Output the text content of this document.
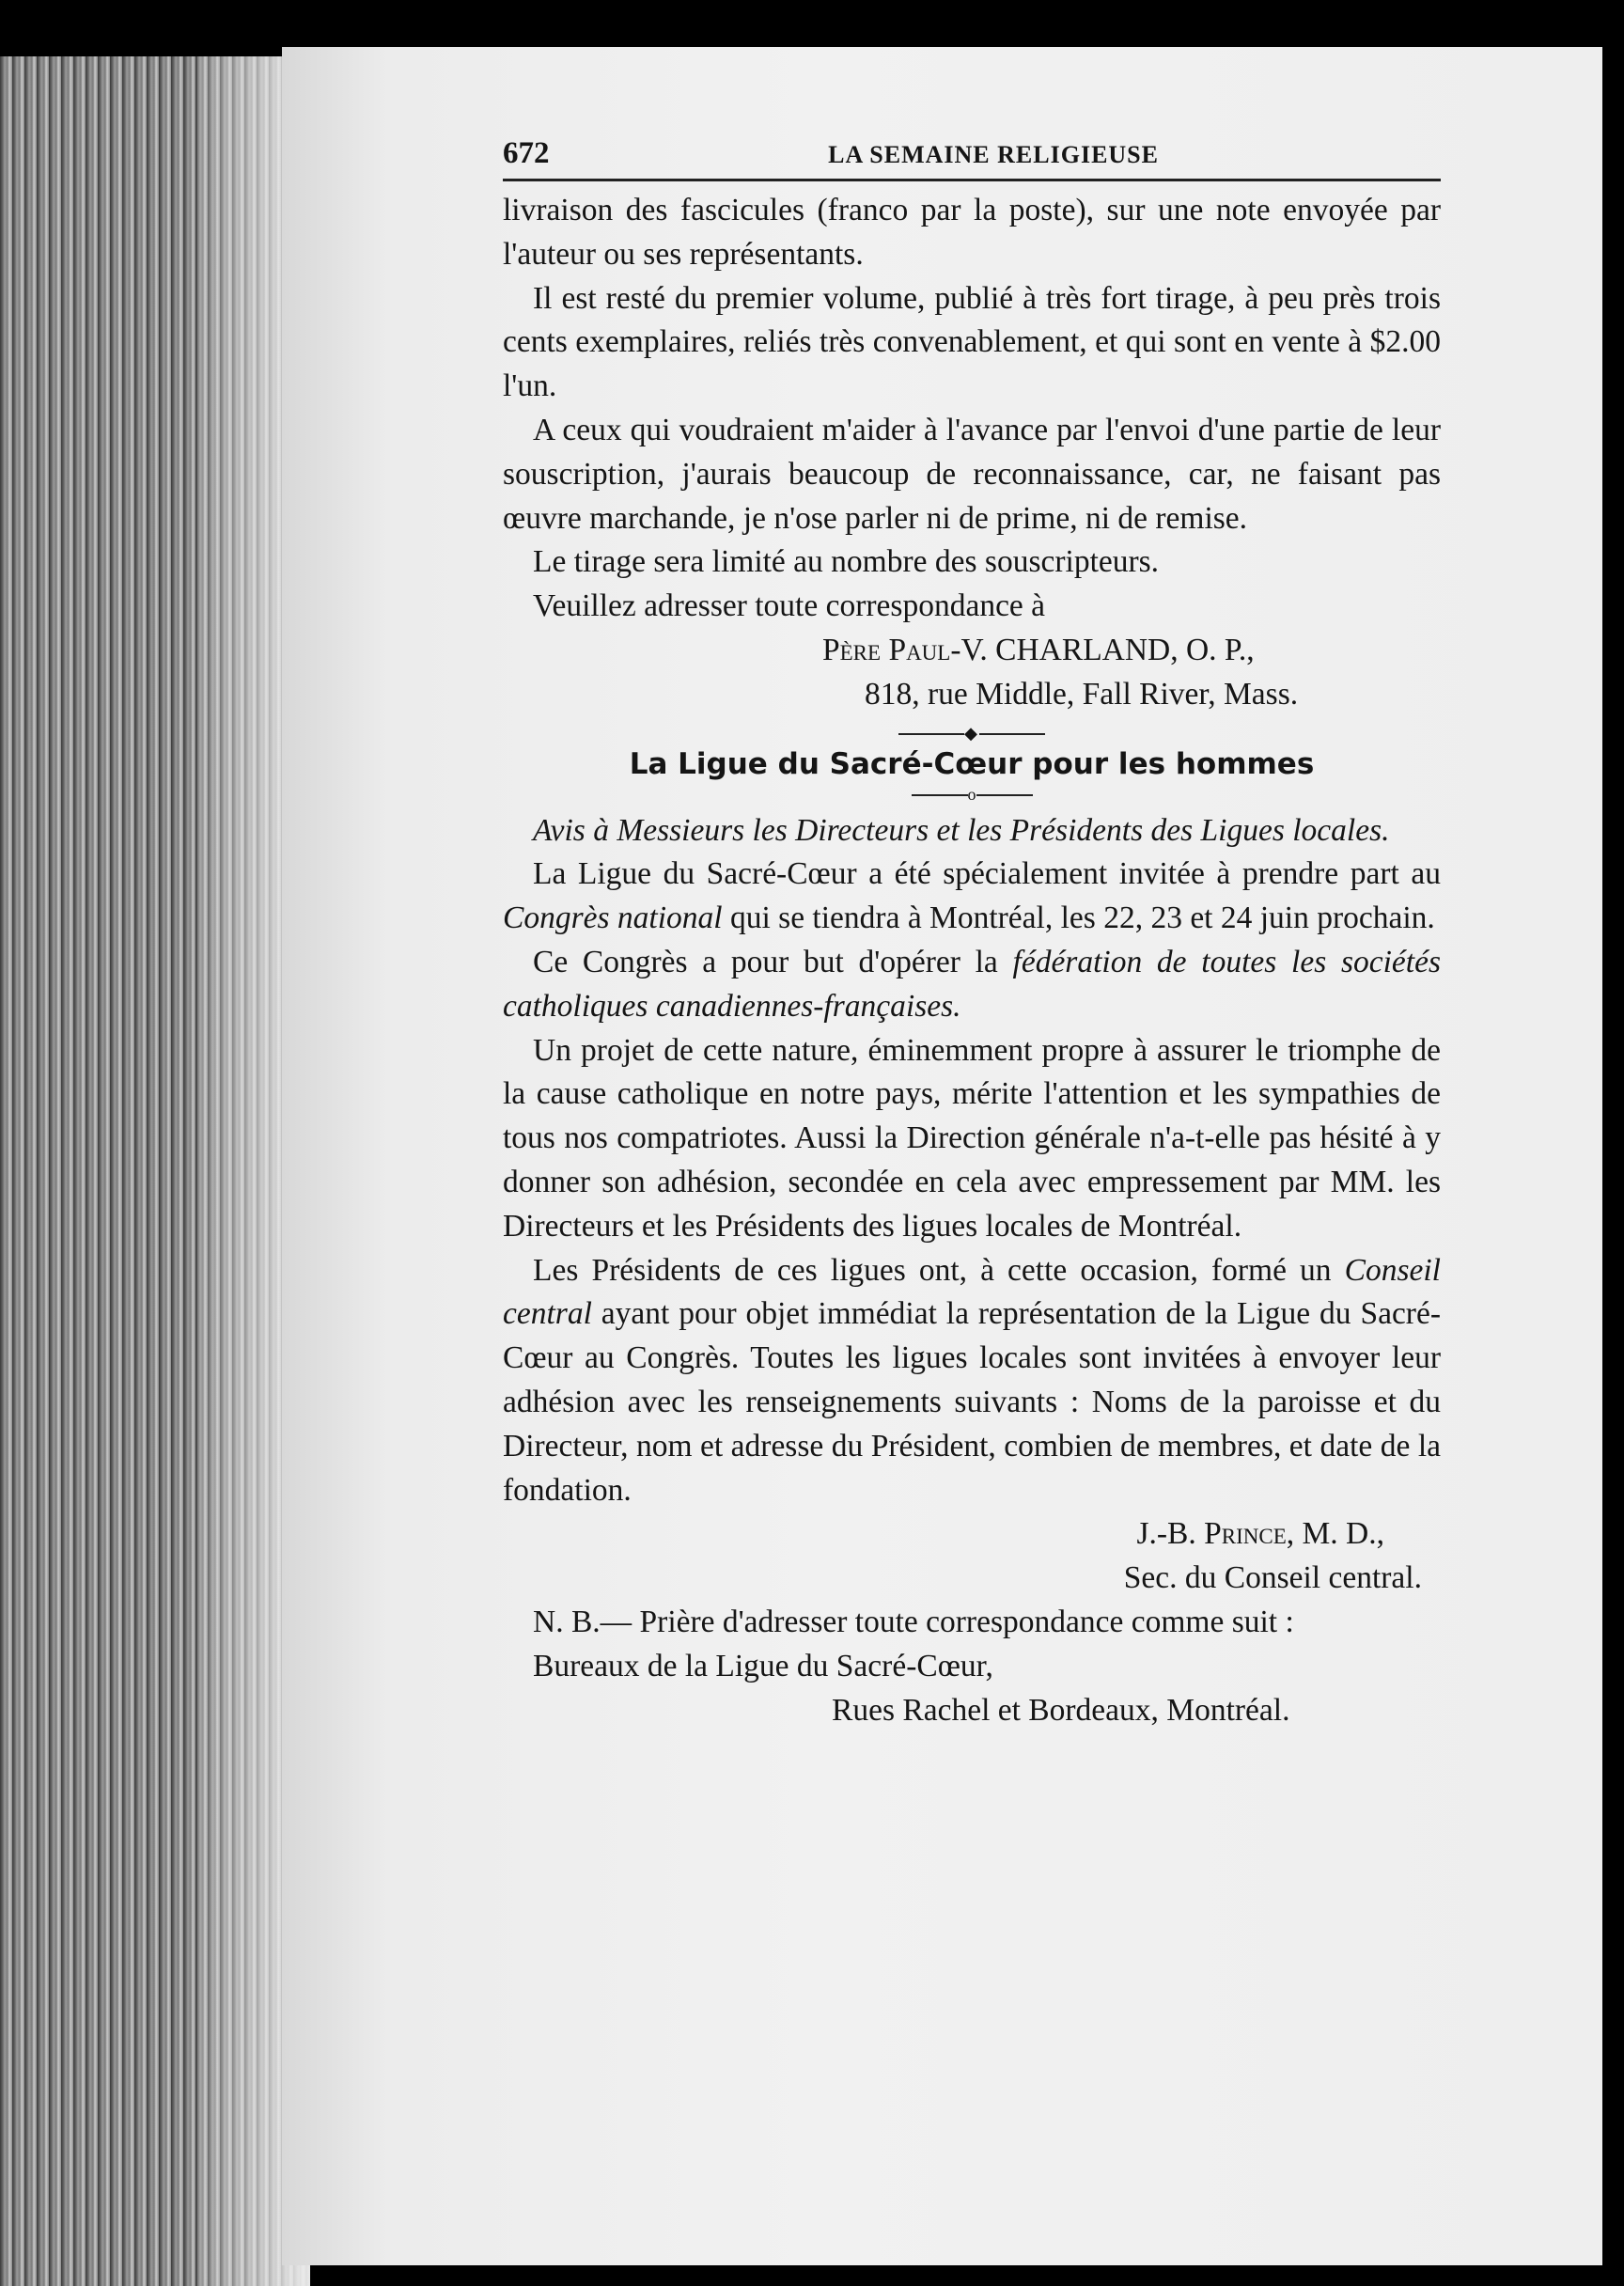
672	LA SEMAINE RELIGIEUSE

livraison des fascicules (franco par la poste), sur une note envoyée par l'auteur ou ses représentants.

Il est resté du premier volume, publié à très fort tirage, à peu près trois cents exemplaires, reliés très convenablement, et qui sont en vente à $2.00 l'un.

A ceux qui voudraient m'aider à l'avance par l'envoi d'une partie de leur souscription, j'aurais beaucoup de reconnaissance, car, ne faisant pas œuvre marchande, je n'ose parler ni de prime, ni de remise.

Le tirage sera limité au nombre des souscripteurs.

Veuillez adresser toute correspondance à

Père Paul-V. CHARLAND, O. P.,

818, rue Middle, Fall River, Mass.

◆
La Ligue du Sacré-Cœur pour les hommes
o

Avis à Messieurs les Directeurs et les Présidents des Ligues locales.

La Ligue du Sacré-Cœur a été spécialement invitée à prendre part au Congrès national qui se tiendra à Montréal, les 22, 23 et 24 juin prochain.

Ce Congrès a pour but d'opérer la fédération de toutes les sociétés catholiques canadiennes-françaises.

Un projet de cette nature, éminemment propre à assurer le triomphe de la cause catholique en notre pays, mérite l'attention et les sympathies de tous nos compatriotes. Aussi la Direction générale n'a-t-elle pas hésité à y donner son adhésion, secondée en cela avec empressement par MM. les Directeurs et les Présidents des ligues locales de Montréal.

Les Présidents de ces ligues ont, à cette occasion, formé un Conseil central ayant pour objet immédiat la représentation de la Ligue du Sacré-Cœur au Congrès. Toutes les ligues locales sont invitées à envoyer leur adhésion avec les renseignements suivants : Noms de la paroisse et du Directeur, nom et adresse du Président, combien de membres, et date de la fondation.

J.-B. Prince, M. D.,

Sec. du Conseil central.

N. B.— Prière d'adresser toute correspondance comme suit :

Bureaux de la Ligue du Sacré-Cœur,

Rues Rachel et Bordeaux, Montréal.
